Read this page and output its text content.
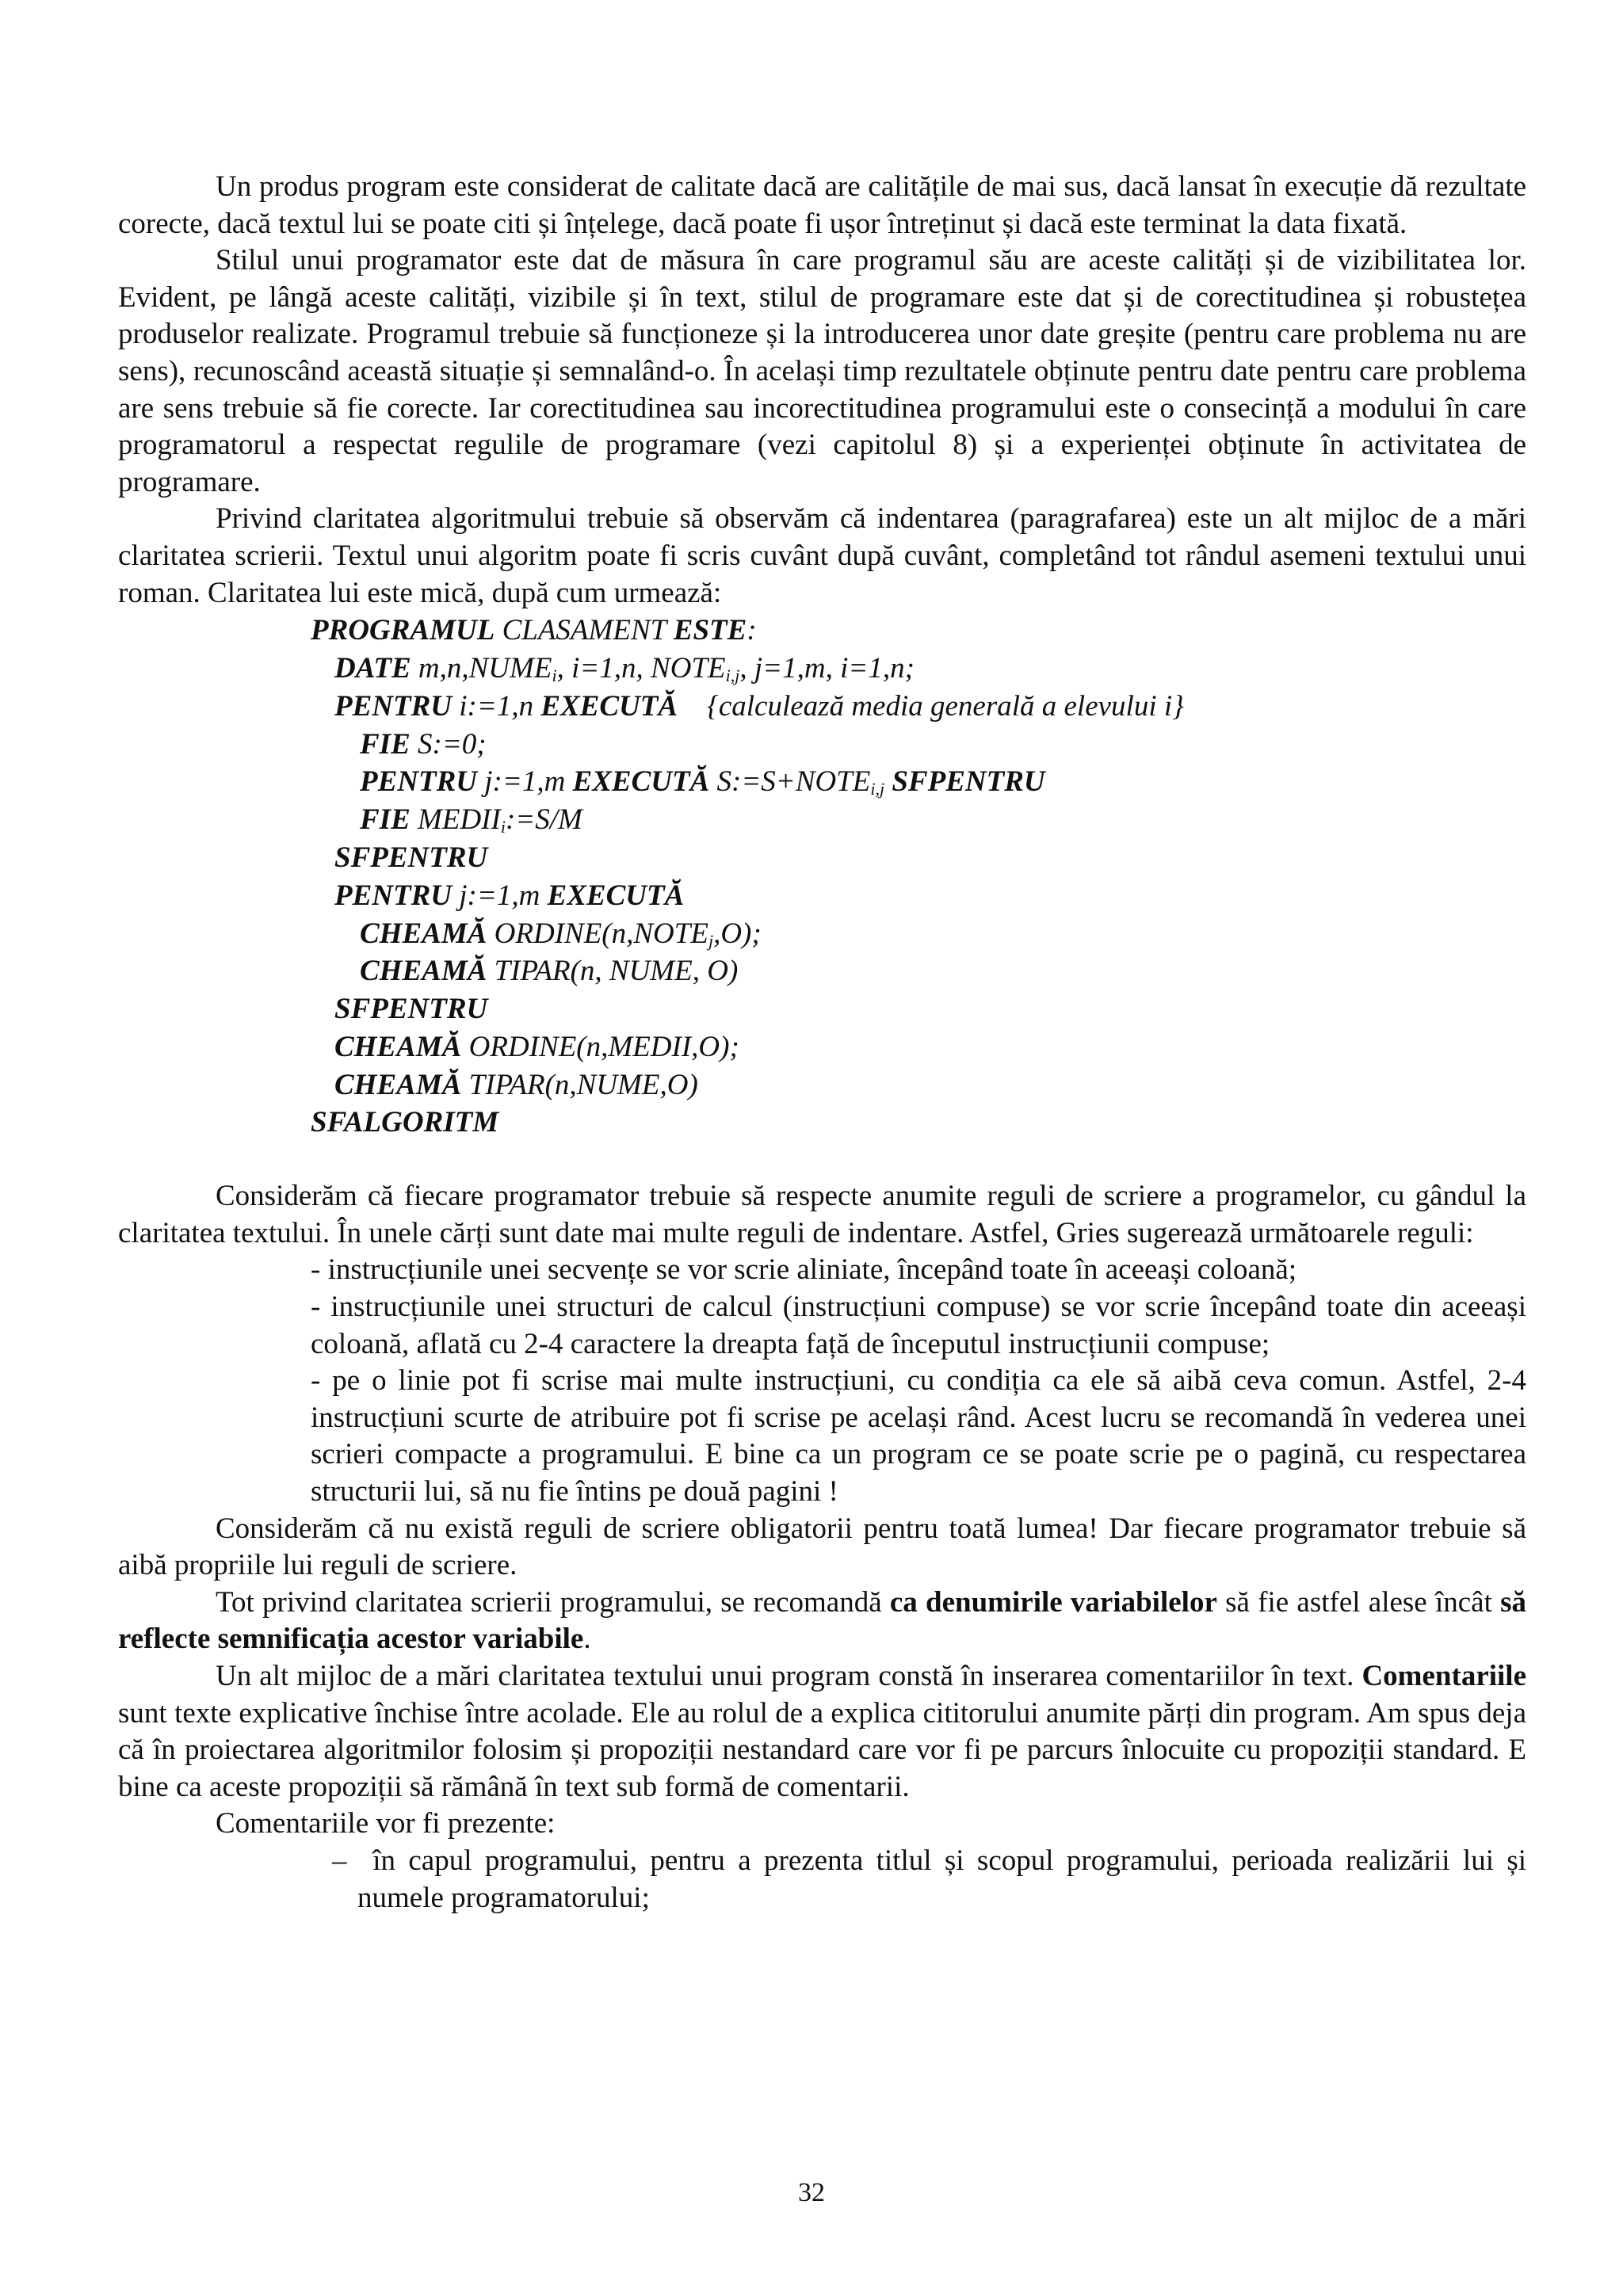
Un produs program este considerat de calitate dacă are calitățile de mai sus, dacă lansat în execuție dă rezultate corecte, dacă textul lui se poate citi și înțelege, dacă poate fi ușor întreținut și dacă este terminat la data fixată.

Stilul unui programator este dat de măsura în care programul său are aceste calități și de vizibilitatea lor. Evident, pe lângă aceste calități, vizibile și în text, stilul de programare este dat și de corectitudinea și robustețea produselor realizate. Programul trebuie să funcționeze și la introducerea unor date greșite (pentru care problema nu are sens), recunoscând această situație și semnalând-o. În același timp rezultatele obținute pentru date pentru care problema are sens trebuie să fie corecte. Iar corectitudinea sau incorectitudinea programului este o consecință a modului în care programatorul a respectat regulile de programare (vezi capitolul 8) și a experienței obținute în activitatea de programare.

Privind claritatea algoritmului trebuie să observăm că indentarea (paragrafarea) este un alt mijloc de a mări claritatea scrierii. Textul unui algoritm poate fi scris cuvânt după cuvânt, completând tot rândul asemeni textului unui roman. Claritatea lui este mică, după cum urmează:

PROGRAMUL CLASAMENT ESTE:
DATE $m,n,NUME_i$, i=1,n, $NOTE_{i,j}$, j=1,m, i=1,n;
PENTRU i:=1,n EXECUTĂ    {calculează media generală a elevului i}
FIE S:=0;
PENTRU j:=1,m EXECUTĂ $S:=S+NOTE_{i,j}$ SFPENTRU
FIE $MEDII_i:=S/M$
SFPENTRU
PENTRU j:=1,m EXECUTĂ
CHEAMĂ $ORDINE(n,NOTE_j,O)$;
CHEAMĂ TIPAR(n, NUME, O)
SFPENTRU
CHEAMĂ ORDINE(n,MEDII,O);
CHEAMĂ TIPAR(n,NUME,O)
SFALGORITM

Considerăm că fiecare programator trebuie să respecte anumite reguli de scriere a programelor, cu gândul la claritatea textului. În unele cărți sunt date mai multe reguli de indentare. Astfel, Gries sugerează următoarele reguli:

- instrucțiunile unei secvențe se vor scrie aliniate, începând toate în aceeași coloană;

- instrucțiunile unei structuri de calcul (instrucțiuni compuse) se vor scrie începând toate din aceeași coloană, aflată cu 2-4 caractere la dreapta față de începutul instrucțiunii compuse;

- pe o linie pot fi scrise mai multe instrucțiuni, cu condiția ca ele să aibă ceva comun. Astfel, 2-4 instrucțiuni scurte de atribuire pot fi scrise pe același rând. Acest lucru se recomandă în vederea unei scrieri compacte a programului. E bine ca un program ce se poate scrie pe o pagină, cu respectarea structurii lui, să nu fie întins pe două pagini !

Considerăm că nu există reguli de scriere obligatorii pentru toată lumea! Dar fiecare programator trebuie să aibă propriile lui reguli de scriere.

Tot privind claritatea scrierii programului, se recomandă ca denumirile variabilelor să fie astfel alese încât să reflecte semnificația acestor variabile.

Un alt mijloc de a mări claritatea textului unui program constă în inserarea comentariilor în text. Comentariile sunt texte explicative închise între acolade. Ele au rolul de a explica cititorului anumite părți din program. Am spus deja că în proiectarea algoritmilor folosim și propoziții nestandard care vor fi pe parcurs înlocuite cu propoziții standard. E bine ca aceste propoziții să rămână în text sub formă de comentarii.

Comentariile vor fi prezente:

– în capul programului, pentru a prezenta titlul și scopul programului, perioada realizării lui și numele programatorului;

32
